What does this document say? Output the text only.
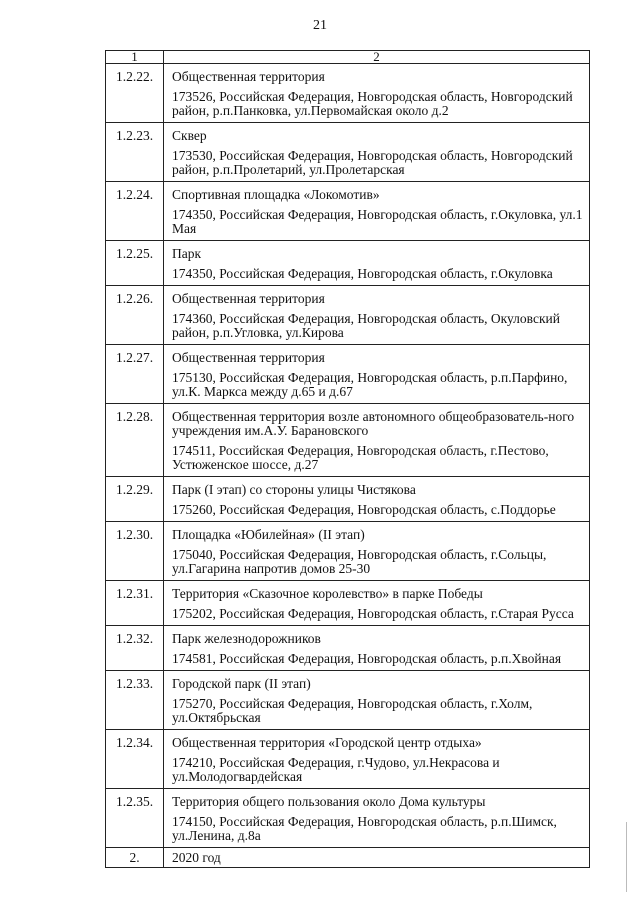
21
1	2
1.2.22.	Общественная территория
173526, Российская Федерация, Новгородская область, Новгородский район, р.п.Панковка, ул.Первомайская около д.2

1.2.23.	Сквер
173530, Российская Федерация, Новгородская область, Новгородский район, р.п.Пролетарий, ул.Пролетарская

1.2.24.	Спортивная площадка «Локомотив»
174350, Российская Федерация, Новгородская область, г.Окуловка, ул.1 Мая

1.2.25.	Парк
174350, Российская Федерация, Новгородская область, г.Окуловка

1.2.26.	Общественная территория
174360, Российская Федерация, Новгородская область, Окуловский район, р.п.Угловка, ул.Кирова

1.2.27.	Общественная территория
175130, Российская Федерация, Новгородская область, р.п.Парфино, ул.К. Маркса между д.65 и д.67

1.2.28.	Общественная территория возле автономного общеобразователь-ного учреждения им.А.У. Барановского
174511, Российская Федерация, Новгородская область, г.Пестово, Устюженское шоссе, д.27

1.2.29.	Парк (I этап) со стороны улицы Чистякова
175260, Российская Федерация, Новгородская область, с.Поддорье

1.2.30.	Площадка «Юбилейная» (II этап)
175040, Российская Федерация, Новгородская область, г.Сольцы, ул.Гагарина напротив домов 25-30

1.2.31.	Территория «Сказочное королевство» в парке Победы
175202, Российская Федерация, Новгородская область, г.Старая Русса

1.2.32.	Парк железнодорожников
174581, Российская Федерация, Новгородская область, р.п.Хвойная

1.2.33.	Городской парк (II этап)
175270, Российская Федерация, Новгородская область, г.Холм, ул.Октябрьская

1.2.34.	Общественная территория «Городской центр отдыха»
174210, Российская Федерация, г.Чудово, ул.Некрасова и ул.Молодогвардейская

1.2.35.	Территория общего пользования около Дома культуры
174150, Российская Федерация, Новгородская область, р.п.Шимск, ул.Ленина, д.8а

2.	2020 год
